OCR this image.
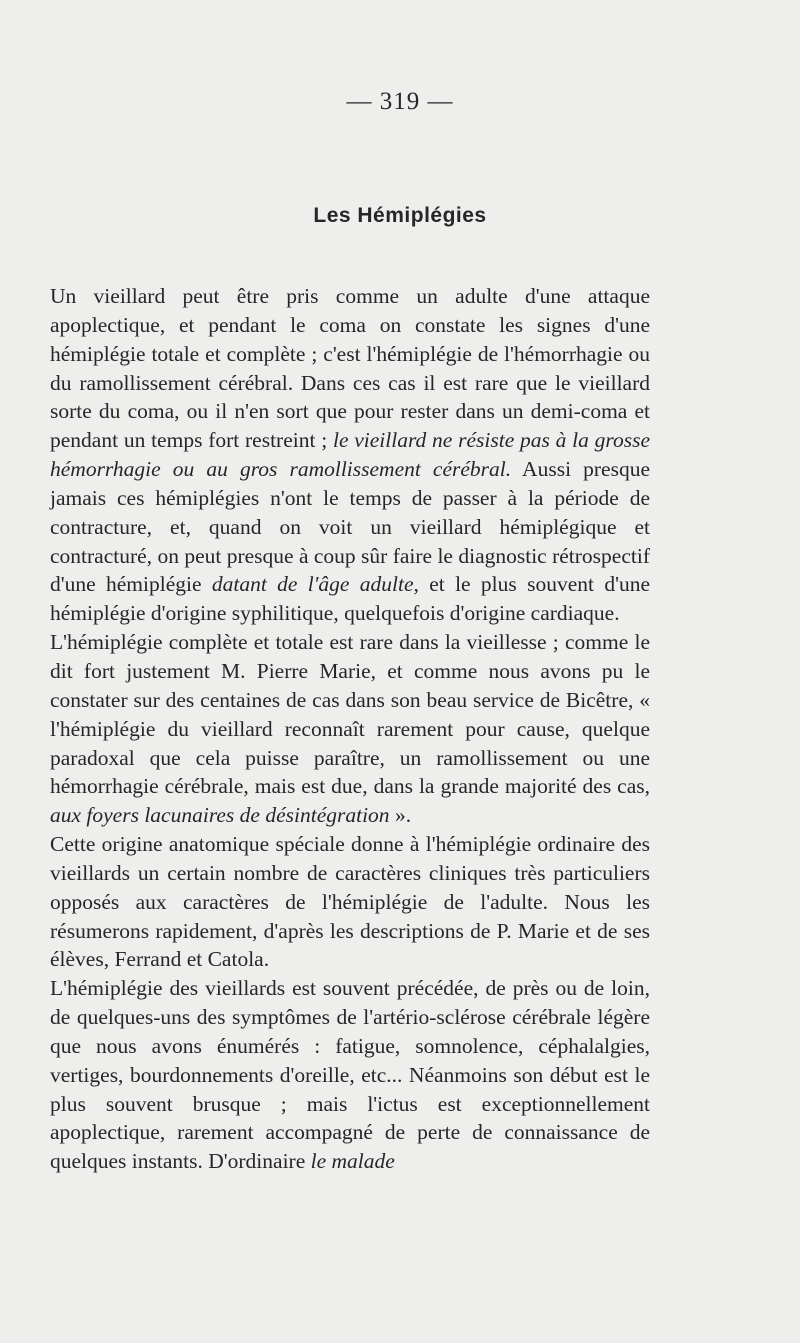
— 319 —
Les Hémiplégies

Un vieillard peut être pris comme un adulte d'une attaque apoplectique, et pendant le coma on constate les signes d'une hémiplégie totale et complète ; c'est l'hémiplégie de l'hémorrhagie ou du ramollissement cérébral. Dans ces cas il est rare que le vieillard sorte du coma, ou il n'en sort que pour rester dans un demi-coma et pendant un temps fort restreint ; le vieillard ne résiste pas à la grosse hémorrhagie ou au gros ramollissement cérébral. Aussi presque jamais ces hémiplégies n'ont le temps de passer à la période de contracture, et, quand on voit un vieillard hémiplégique et contracturé, on peut presque à coup sûr faire le diagnostic rétrospectif d'une hémiplégie datant de l'âge adulte, et le plus souvent d'une hémiplégie d'origine syphilitique, quelquefois d'origine cardiaque.

L'hémiplégie complète et totale est rare dans la vieillesse ; comme le dit fort justement M. Pierre Marie, et comme nous avons pu le constater sur des centaines de cas dans son beau service de Bicêtre, « l'hémiplégie du vieillard reconnaît rarement pour cause, quelque paradoxal que cela puisse paraître, un ramollissement ou une hémorrhagie cérébrale, mais est due, dans la grande majorité des cas, aux foyers lacunaires de désintégration ».

Cette origine anatomique spéciale donne à l'hémiplégie ordinaire des vieillards un certain nombre de caractères cliniques très particuliers opposés aux caractères de l'hémiplégie de l'adulte. Nous les résumerons rapidement, d'après les descriptions de P. Marie et de ses élèves, Ferrand et Catola.

L'hémiplégie des vieillards est souvent précédée, de près ou de loin, de quelques-uns des symptômes de l'artério-sclérose cérébrale légère que nous avons énumérés : fatigue, somnolence, céphalalgies, vertiges, bourdonnements d'oreille, etc... Néanmoins son début est le plus souvent brusque ; mais l'ictus est exceptionnellement apoplectique, rarement accompagné de perte de connaissance de quelques instants. D'ordinaire le malade
